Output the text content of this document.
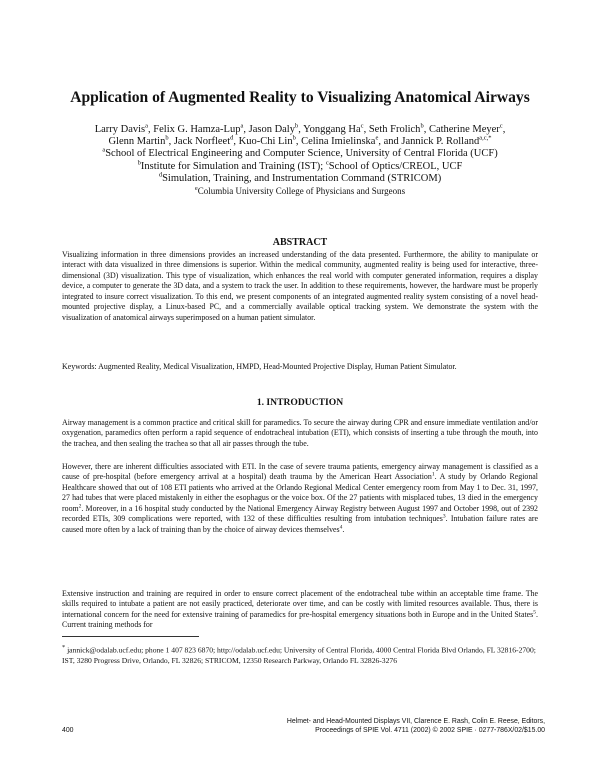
Application of Augmented Reality to Visualizing Anatomical Airways
Larry Davis$^a$, Felix G. Hamza-Lup$^a$, Jason Daly$^b$, Yonggang Ha$^c$, Seth Frolich$^b$, Catherine Meyer$^c$,
Glenn Martin$^b$, Jack Norfleet$^d$, Kuo-Chi Lin$^b$, Celina Imielinska$^e$, and Jannick P. Rolland$^{a,c,*}$
$^a$School of Electrical Engineering and Computer Science, University of Central Florida (UCF)
$^b$Institute for Simulation and Training (IST); $^c$School of Optics/CREOL, UCF
$^d$Simulation, Training, and Instrumentation Command (STRICOM)
$^e$Columbia University College of Physicians and Surgeons
ABSTRACT

Visualizing information in three dimensions provides an increased understanding of the data presented. Furthermore, the ability to manipulate or interact with data visualized in three dimensions is superior. Within the medical community, augmented reality is being used for interactive, three-dimensional (3D) visualization. This type of visualization, which enhances the real world with computer generated information, requires a display device, a computer to generate the 3D data, and a system to track the user. In addition to these requirements, however, the hardware must be properly integrated to insure correct visualization. To this end, we present components of an integrated augmented reality system consisting of a novel head-mounted projective display, a Linux-based PC, and a commercially available optical tracking system. We demonstrate the system with the visualization of anatomical airways superimposed on a human patient simulator.

Keywords: Augmented Reality, Medical Visualization, HMPD, Head-Mounted Projective Display, Human Patient Simulator.

1. INTRODUCTION

Airway management is a common practice and critical skill for paramedics. To secure the airway during CPR and ensure immediate ventilation and/or oxygenation, paramedics often perform a rapid sequence of endotracheal intubation (ETI), which consists of inserting a tube through the mouth, into the trachea, and then sealing the trachea so that all air passes through the tube.

However, there are inherent difficulties associated with ETI. In the case of severe trauma patients, emergency airway management is classified as a cause of pre-hospital (before emergency arrival at a hospital) death trauma by the American Heart Association$^1$. A study by Orlando Regional Healthcare showed that out of 108 ETI patients who arrived at the Orlando Regional Medical Center emergency room from May 1 to Dec. 31, 1997, 27 had tubes that were placed mistakenly in either the esophagus or the voice box. Of the 27 patients with misplaced tubes, 13 died in the emergency room$^2$. Moreover, in a 16 hospital study conducted by the National Emergency Airway Registry between August 1997 and October 1998, out of 2392 recorded ETIs, 309 complications were reported, with 132 of these difficulties resulting from intubation techniques$^3$. Intubation failure rates are caused more often by a lack of training than by the choice of airway devices themselves$^4$.

Extensive instruction and training are required in order to ensure correct placement of the endotracheal tube within an acceptable time frame. The skills required to intubate a patient are not easily practiced, deteriorate over time, and can be costly with limited resources available. Thus, there is international concern for the need for extensive training of paramedics for pre-hospital emergency situations both in Europe and in the United States$^5$. Current training methods for

* jannick@odalab.ucf.edu; phone 1 407 823 6870; http://odalab.ucf.edu; University of Central Florida, 4000 Central Florida Blvd Orlando, FL 32816-2700; IST, 3280 Progress Drive, Orlando, FL 32826; STRICOM, 12350 Research Parkway, Orlando FL 32826-3276

400
Helmet- and Head-Mounted Displays VII, Clarence E. Rash, Colin E. Reese, Editors,
Proceedings of SPIE Vol. 4711 (2002) © 2002 SPIE · 0277-786X/02/$15.00
